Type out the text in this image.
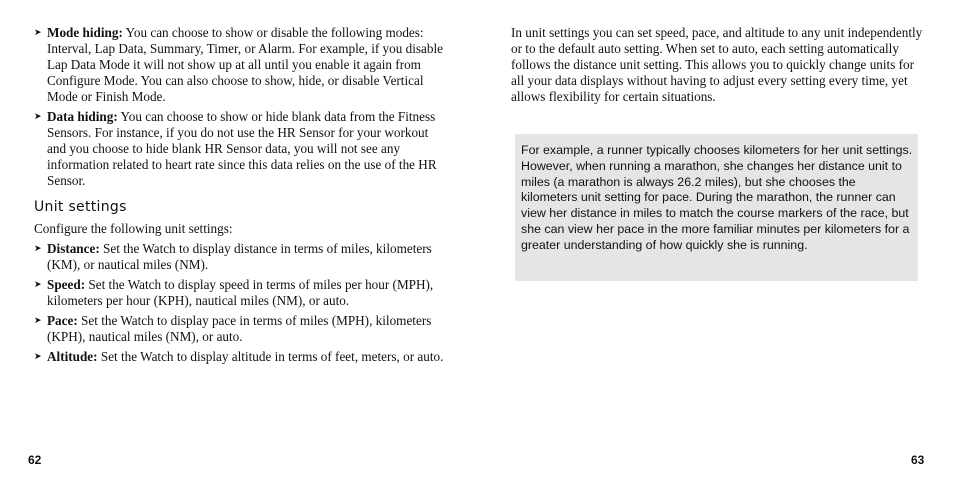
➤ Mode hiding: You can choose to show or disable the following modes: Interval, Lap Data, Summary, Timer, or Alarm. For example, if you disable Lap Data Mode it will not show up at all until you enable it again from Configure Mode. You can also choose to show, hide, or disable Vertical Mode or Finish Mode.
➤ Data hiding: You can choose to show or hide blank data from the Fitness Sensors. For instance, if you do not use the HR Sensor for your workout and you choose to hide blank HR Sensor data, you will not see any information related to heart rate since this data relies on the use of the HR Sensor.
Unit settings

Configure the following unit settings:

➤ Distance: Set the Watch to display distance in terms of miles, kilometers (KM), or nautical miles (NM).
➤ Speed: Set the Watch to display speed in terms of miles per hour (MPH), kilometers per hour (KPH), nautical miles (NM), or auto.
➤ Pace: Set the Watch to display pace in terms of miles (MPH), kilometers (KPH), nautical miles (NM), or auto.
➤ Altitude: Set the Watch to display altitude in terms of feet, meters, or auto.

In unit settings you can set speed, pace, and altitude to any unit independently or to the default auto setting. When set to auto, each setting automatically follows the distance unit setting. This allows you to quickly change units for all your data displays without having to adjust every setting every time, yet allows flexibility for certain situations.

For example, a runner typically chooses kilometers for her unit settings. However, when running a marathon, she changes her distance unit to miles (a marathon is always 26.2 miles), but she chooses the kilometers unit setting for pace. During the marathon, the runner can view her distance in miles to match the course markers of the race, but she can view her pace in the more familiar minutes per kilometers for a greater understanding of how quickly she is running.
62	63
